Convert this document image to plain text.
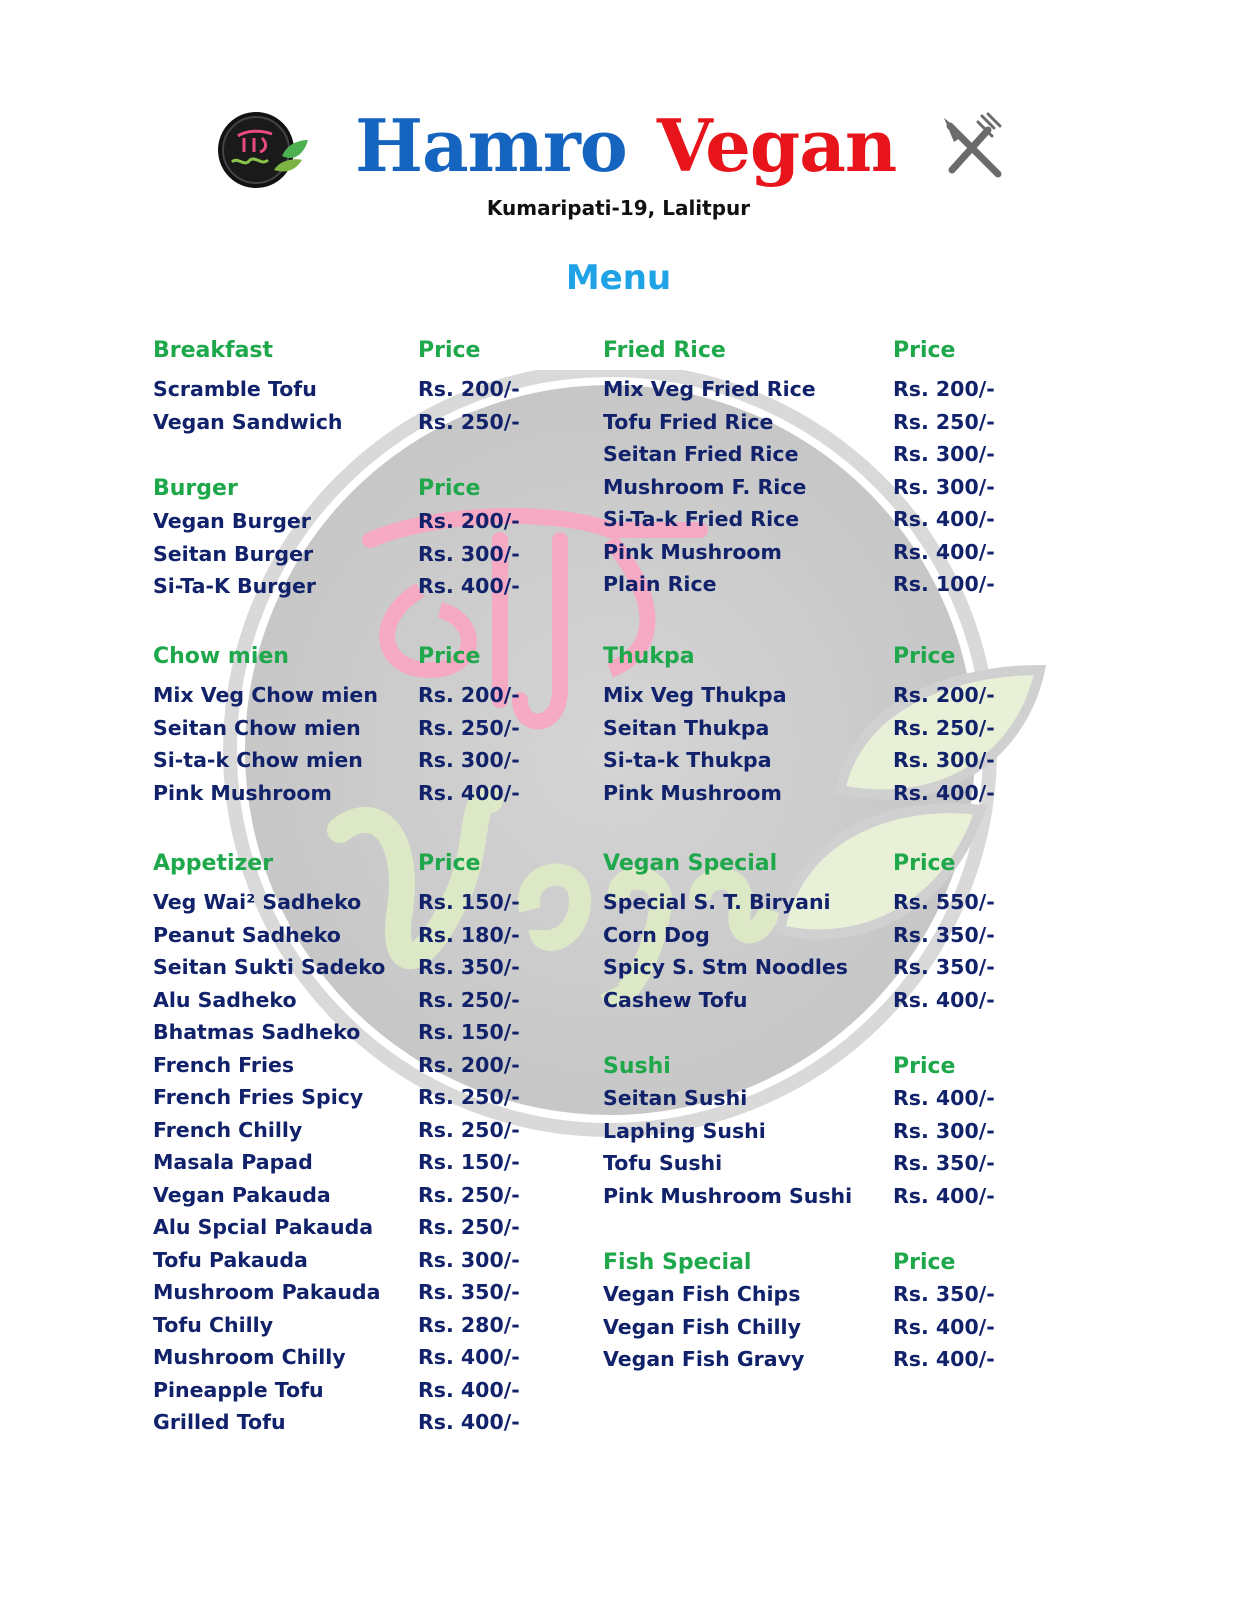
Hamro Vegan
Kumaripati-19, Lalitpur
Menu
Breakfast	Price
Scramble Tofu	Rs. 200/-
Vegan Sandwich	Rs. 250/-
Burger	Price
Vegan Burger	Rs. 200/-
Seitan Burger	Rs. 300/-
Si-Ta-K Burger	Rs. 400/-
Chow mien	Price
Mix Veg Chow mien Rs. 200/-
Seitan Chow mien	Rs. 250/-
Si-ta-k Chow mien	Rs. 300/-
Pink Mushroom	Rs. 400/-
Appetizer	Price
Veg Wai² Sadheko	Rs. 150/-
Peanut Sadheko	Rs. 180/-
Seitan Sukti Sadeko Rs. 350/-
Alu Sadheko	Rs. 250/-
Bhatmas Sadheko	Rs. 150/-
French Fries	Rs. 200/-
French Fries Spicy	Rs. 250/-
French Chilly	Rs. 250/-
Masala Papad	Rs. 150/-
Vegan Pakauda	Rs. 250/-
Alu Spcial Pakauda Rs. 250/-
Tofu Pakauda	Rs. 300/-
Mushroom Pakauda Rs. 350/-
Tofu Chilly	Rs. 280/-
Mushroom Chilly	Rs. 400/-
Pineapple Tofu	Rs. 400/-
Grilled Tofu	Rs. 400/-
Fried Rice	Price
Mix Veg Fried Rice	Rs. 200/-
Tofu Fried Rice	Rs. 250/-
Seitan Fried Rice	Rs. 300/-
Mushroom F. Rice	Rs. 300/-
Si-Ta-k Fried Rice	Rs. 400/-
Pink Mushroom	Rs. 400/-
Plain Rice	Rs. 100/-
Thukpa	Price
Mix Veg Thukpa	Rs. 200/-
Seitan Thukpa	Rs. 250/-
Si-ta-k Thukpa	Rs. 300/-
Pink Mushroom	Rs. 400/-
Vegan Special	Price
Special S. T. Biryani	Rs. 550/-
Corn Dog	Rs. 350/-
Spicy S. Stm Noodles Rs. 350/-
Cashew Tofu	Rs. 400/-
Sushi	Price
Seitan Sushi	Rs. 400/-
Laphing Sushi	Rs. 300/-
Tofu Sushi	Rs. 350/-
Pink Mushroom Sushi Rs. 400/-
Fish Special	Price
Vegan Fish Chips	Rs. 350/-
Vegan Fish Chilly	Rs. 400/-
Vegan Fish Gravy	Rs. 400/-
